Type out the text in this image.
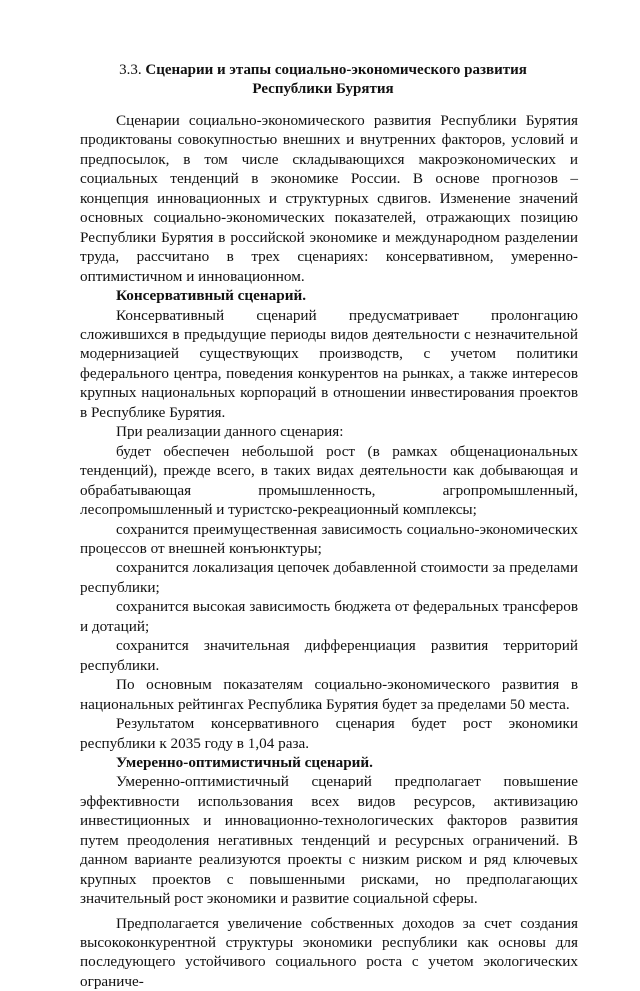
3.3. Сценарии и этапы социально-экономического развития
Республики Бурятия

Сценарии социально-экономического развития Республики Бурятия продиктованы совокупностью внешних и внутренних факторов, условий и предпосылок, в том числе складывающихся макроэкономических и социальных тенденций в экономике России. В основе прогнозов – концепция инновационных и структурных сдвигов. Изменение значений основных социально-экономических показателей, отражающих позицию Республики Бурятия в российской экономике и международном разделении труда, рассчитано в трех сценариях: консервативном, умеренно-оптимистичном и инновационном.

Консервативный сценарий.

Консервативный сценарий предусматривает пролонгацию сложившихся в предыдущие периоды видов деятельности с незначительной модернизацией существующих производств, с учетом политики федерального центра, поведения конкурентов на рынках, а также интересов крупных национальных корпораций в отношении инвестирования проектов в Республике Бурятия.

При реализации данного сценария:

будет обеспечен небольшой рост (в рамках общенациональных тенденций), прежде всего, в таких видах деятельности как добывающая и обрабатывающая промышленность, агропромышленный, лесопромышленный и туристско-рекреационный комплексы;

сохранится преимущественная зависимость социально-экономических процессов от внешней конъюнктуры;

сохранится локализация цепочек добавленной стоимости за пределами республики;

сохранится высокая зависимость бюджета от федеральных трансферов и дотаций;

сохранится значительная дифференциация развития территорий республики.

По основным показателям социально-экономического развития в национальных рейтингах Республика Бурятия будет за пределами 50 места.

Результатом консервативного сценария будет рост экономики республики к 2035 году в 1,04 раза.

Умеренно-оптимистичный сценарий.

Умеренно-оптимистичный сценарий предполагает повышение эффективности использования всех видов ресурсов, активизацию инвестиционных и инновационно-технологических факторов развития путем преодоления негативных тенденций и ресурсных ограничений. В данном варианте реализуются проекты с низким риском и ряд ключевых крупных проектов с повышенными рисками, но предполагающих значительный рост экономики и развитие социальной сферы.

Предполагается увеличение собственных доходов за счет создания высококонкурентной структуры экономики республики как основы для последующего устойчивого социального роста с учетом экологических ограниче-
